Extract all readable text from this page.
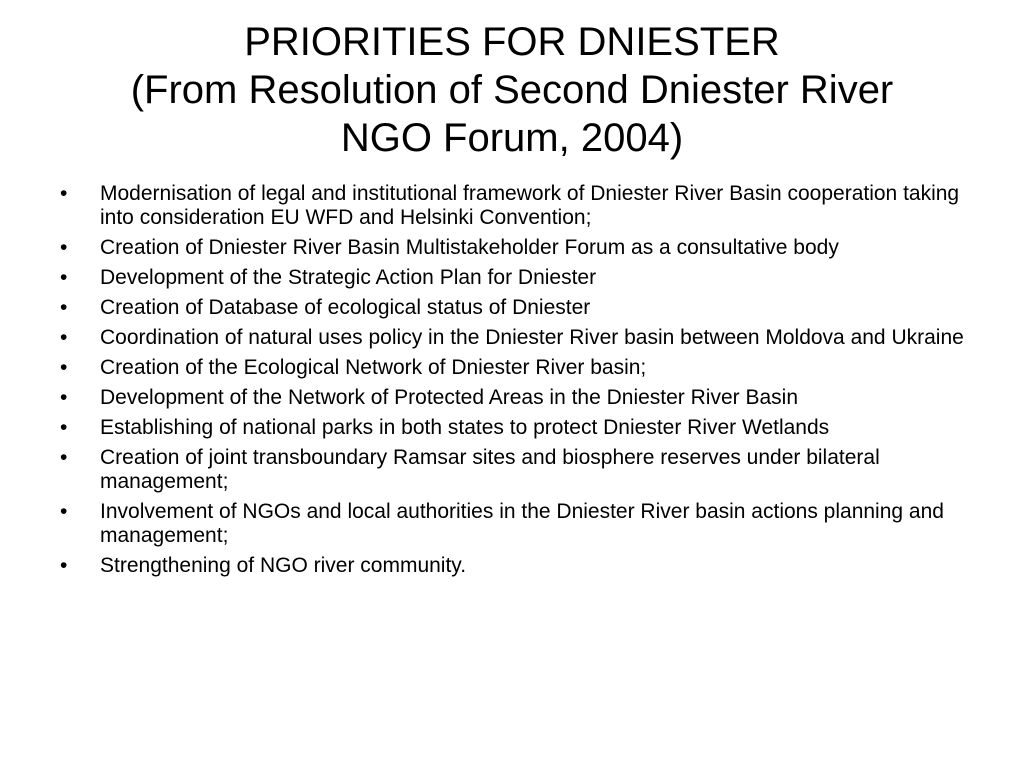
PRIORITIES FOR DNIESTER
(From Resolution of Second Dniester River
NGO Forum, 2004)
•	Modernisation of legal and institutional framework of Dniester River Basin cooperation taking into consideration EU WFD and Helsinki Convention;
•	Creation of Dniester River Basin Multistakeholder Forum as a consultative body
•	Development of the Strategic Action Plan for Dniester
•	Creation of Database of ecological status of Dniester
•	Coordination of natural uses policy in the Dniester River basin between Moldova and Ukraine
•	Creation of the Ecological Network of Dniester River basin;
•	Development of the Network of Protected Areas in the Dniester River Basin
•	Establishing of national parks in both states to protect Dniester River Wetlands
•	Creation of joint transboundary Ramsar sites and biosphere reserves under bilateral management;
•	Involvement of NGOs and local authorities in the Dniester River basin actions planning and management;
•	Strengthening of NGO river community.
